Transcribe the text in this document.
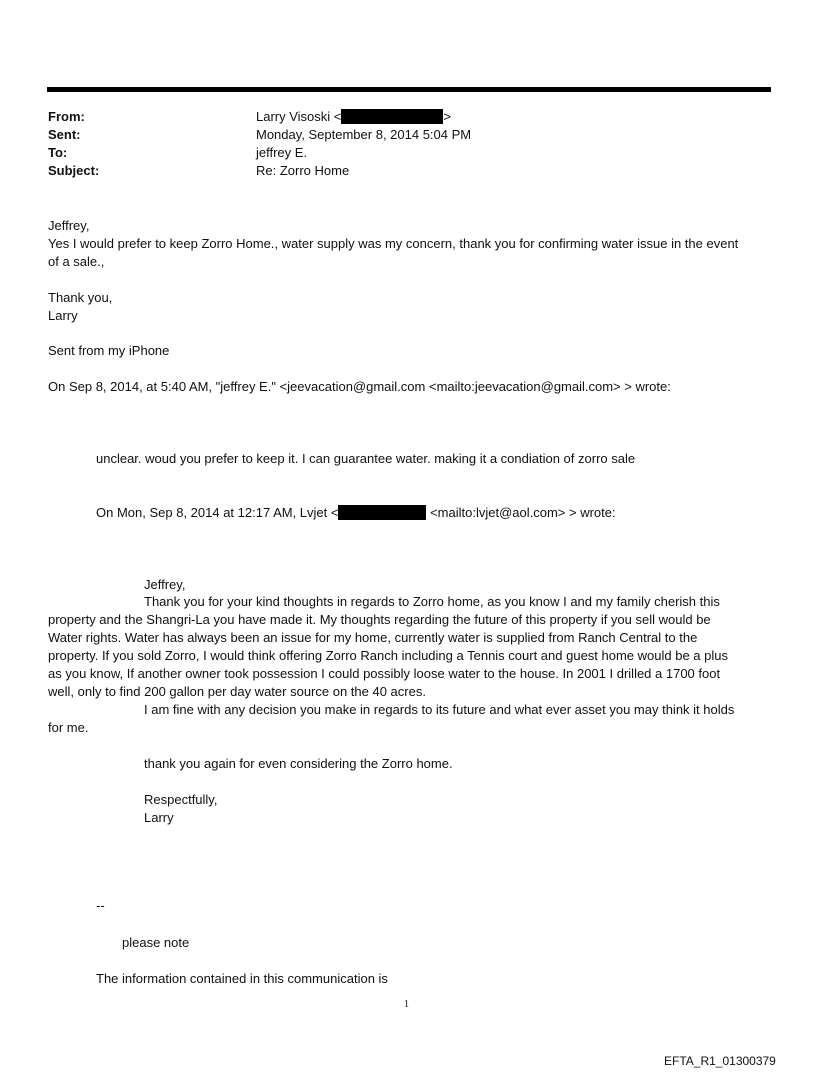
From:	Larry Visoski <	>
Sent:	Monday, September 8, 2014 5:04 PM
To:	jeffrey E.
Subject:	Re: Zorro Home
Jeffrey,
Yes I would prefer to keep Zorro Home., water supply was my concern, thank you for confirming water issue in the event
of a sale.,
Thank you,
Larry
Sent from my iPhone
On Sep 8, 2014, at 5:40 AM, "jeffrey E." <jeevacation@gmail.com <mailto:jeevacation@gmail.com> > wrote:
unclear. woud you prefer to keep it. I can guarantee water. making it a condiation of zorro sale
On Mon, Sep 8, 2014 at 12:17 AM, Lvjet <	<mailto:lvjet@aol.com> > wrote:
Jeffrey,
Thank you for your kind thoughts in regards to Zorro home, as you know I and my family cherish this
property and the Shangri-La you have made it. My thoughts regarding the future of this property if you sell would be
Water rights. Water has always been an issue for my home, currently water is supplied from Ranch Central to the
property. If you sold Zorro, I would think offering Zorro Ranch including a Tennis court and guest home would be a plus
as you know, If another owner took possession I could possibly loose water to the house. In 2001 I drilled a 1700 foot
well, only to find 200 gallon per day water source on the 40 acres.
I am fine with any decision you make in regards to its future and what ever asset you may think it holds
for me.
thank you again for even considering the Zorro home.
Respectfully,
Larry
--
please note
The information contained in this communication is
1
EFTA_R1_01300379
